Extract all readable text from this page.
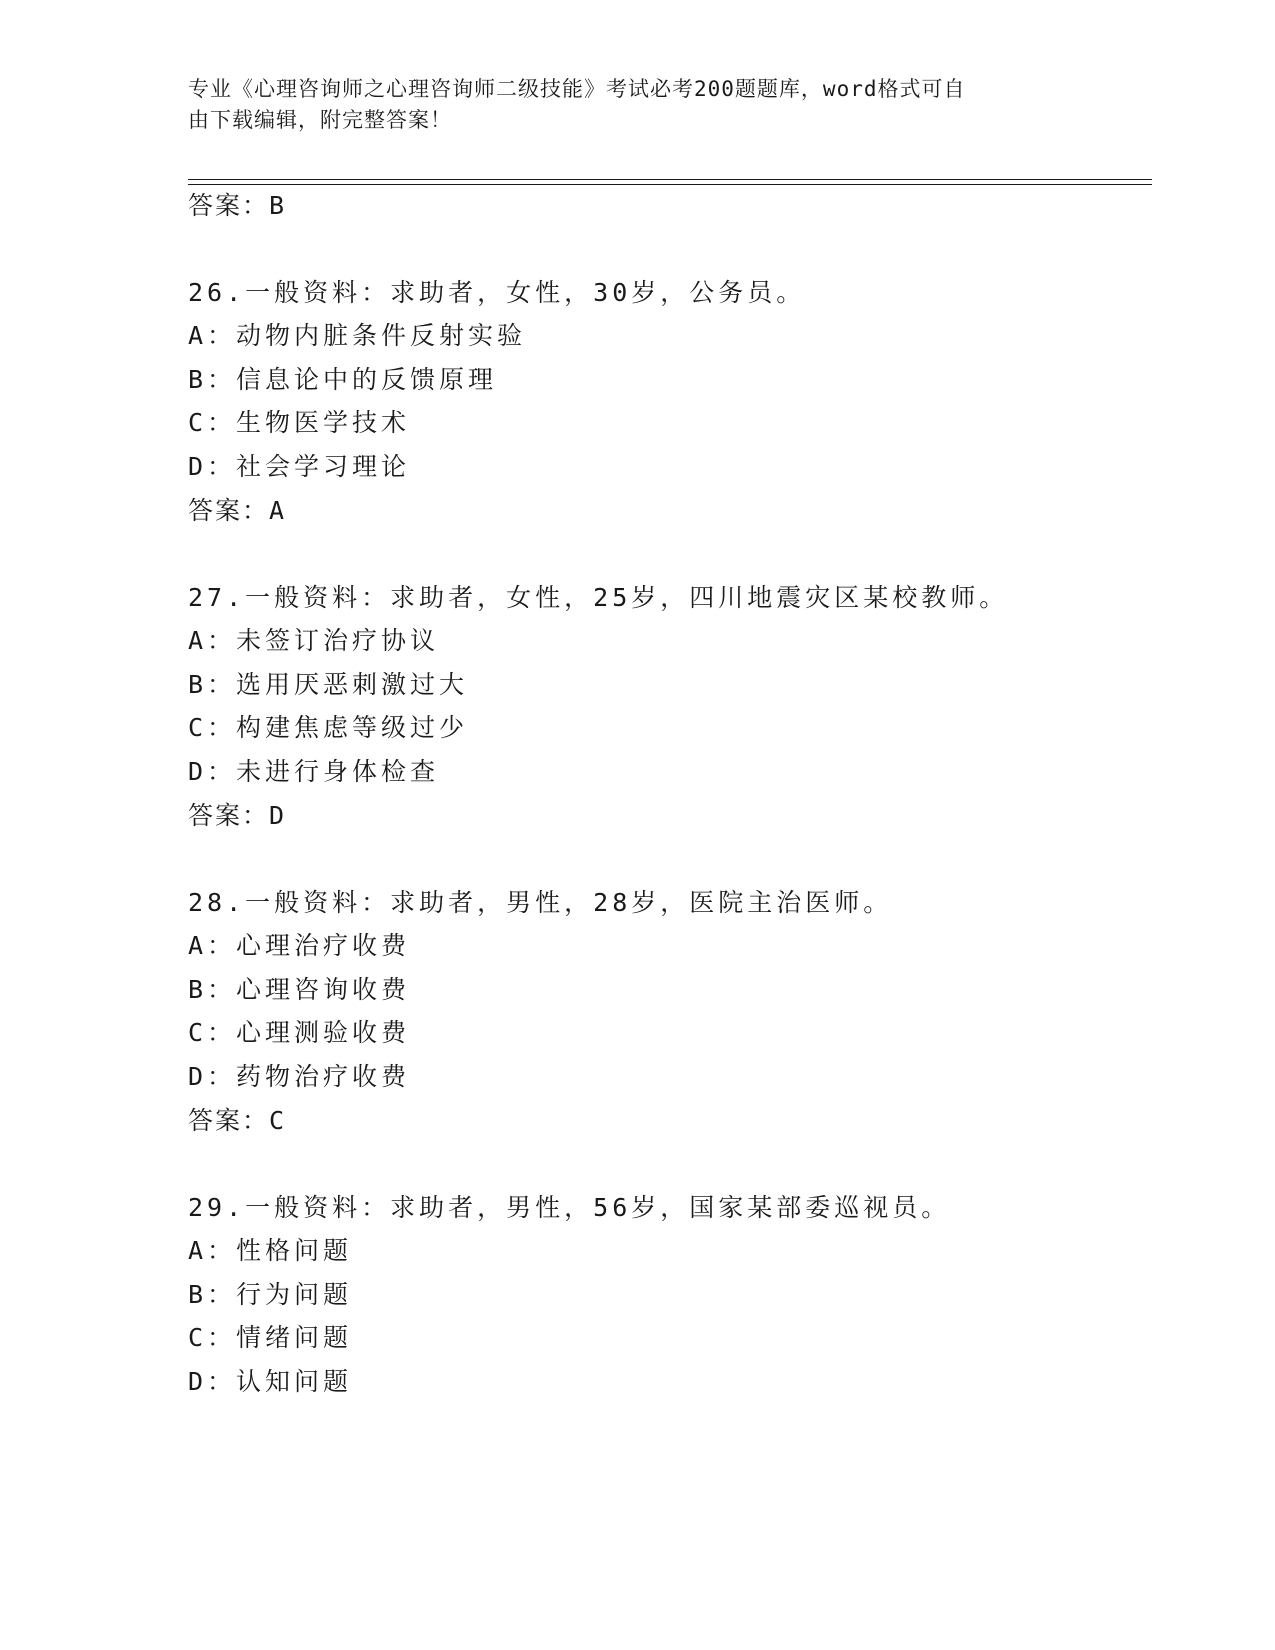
专业《心理咨询师之心理咨询师二级技能》考试必考200题题库，word格式可自
由下载编辑，附完整答案！
答案：B
26.一般资料：求助者，女性，30岁，公务员。
A：动物内脏条件反射实验
B：信息论中的反馈原理
C：生物医学技术
D：社会学习理论
答案：A
27.一般资料：求助者，女性，25岁，四川地震灾区某校教师。
A：未签订治疗协议
B：选用厌恶刺激过大
C：构建焦虑等级过少
D：未进行身体检查
答案：D
28.一般资料：求助者，男性，28岁，医院主治医师。
A：心理治疗收费
B：心理咨询收费
C：心理测验收费
D：药物治疗收费
答案：C
29.一般资料：求助者，男性，56岁，国家某部委巡视员。
A：性格问题
B：行为问题
C：情绪问题
D：认知问题
